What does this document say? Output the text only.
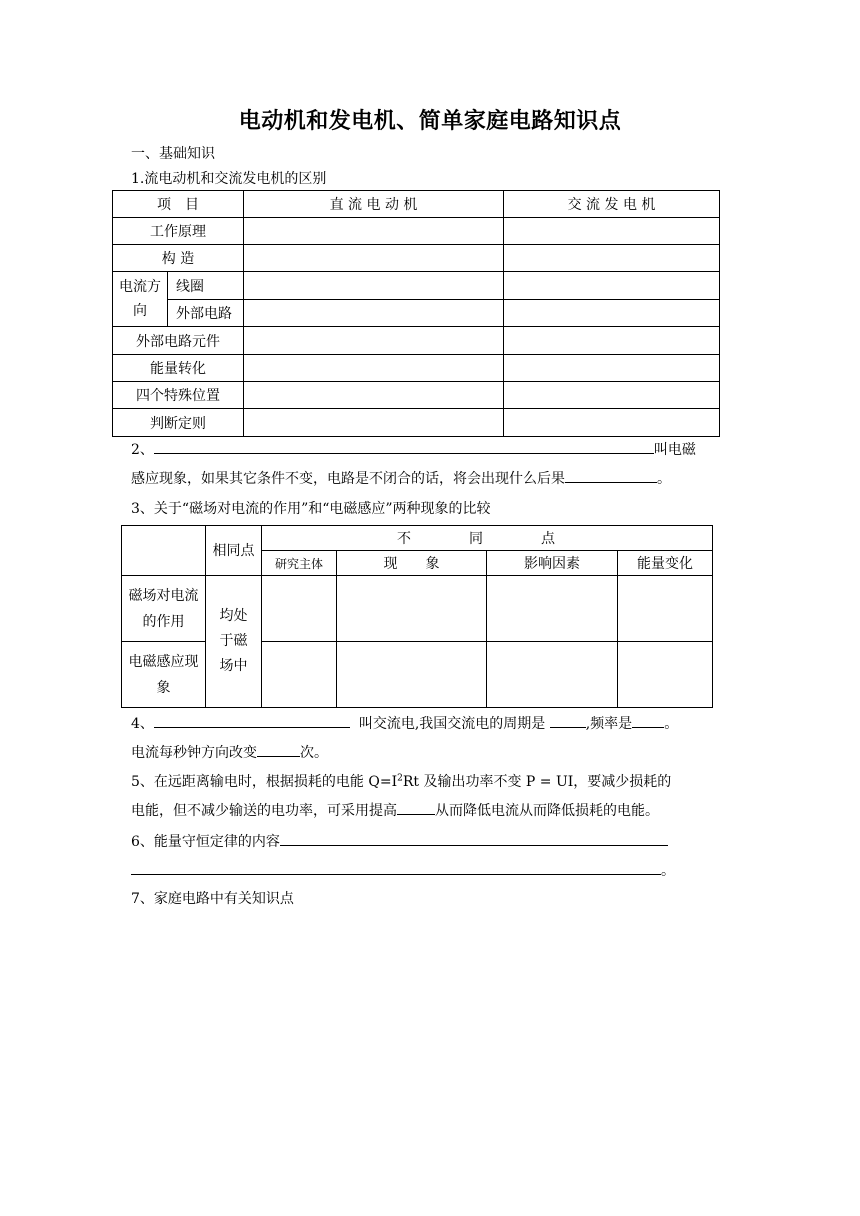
电动机和发电机、简单家庭电路知识点
一、基础知识
1.流电动机和交流发电机的区别
项　目		直 流 电 动 机	交 流 发 电 机
工作原理			
构 造			
电流方向	线圈		
	外部电路		
外部电路元件			
能量转化			
四个特殊位置			
判断定则			
2、	叫电磁
感应现象，如果其它条件不变，电路是不闭合的话，将会出现什么后果	。
3、关于“磁场对电流的作用”和“电磁感应”两种现象的比较
	相同点	不　同　点			
		研究主体	现　　象	影响因素	能量变化
磁场对电流的作用	均处于磁场中				
电磁感应现象					
4、	叫交流电,我国交流电的周期是	,频率是 。
电流每秒钟方向改变	次。
5、在远距离输电时，根据损耗的电能 $Q=I^2Rt$ 及输出功率不变 P = UI，要减少损耗的
电能，但不减少输送的电功率，可采用提高	从而降低电流从而降低损耗的电能。
6、能量守恒定律的内容
。
7、家庭电路中有关知识点
